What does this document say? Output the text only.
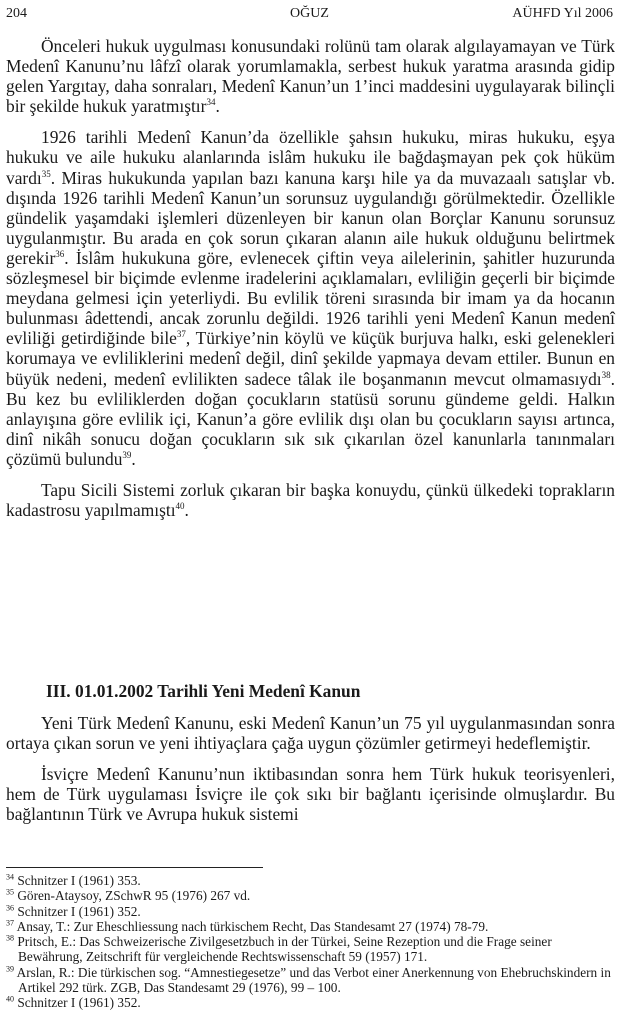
204	OĞUZ	AÜHFD Yıl 2006

Önceleri hukuk uygulması konusundaki rolünü tam olarak algılayamayan ve Türk Medenî Kanunu’nu lâfzî olarak yorumlamakla, serbest hukuk yaratma arasında gidip gelen Yargıtay, daha sonraları, Medenî Kanun’un 1’inci maddesini uygulayarak bilinçli bir şekilde hukuk yaratmıştır$^{34}$.

1926 tarihli Medenî Kanun’da özellikle şahsın hukuku, miras hukuku, eşya hukuku ve aile hukuku alanlarında islâm hukuku ile bağdaşmayan pek çok hüküm vardı$^{35}$. Miras hukukunda yapılan bazı kanuna karşı hile ya da muvazaalı satışlar vb. dışında 1926 tarihli Medenî Kanun’un sorunsuz uygulandığı görülmektedir. Özellikle gündelik yaşamdaki işlemleri düzenleyen bir kanun olan Borçlar Kanunu sorunsuz uygulanmıştır. Bu arada en çok sorun çıkaran alanın aile hukuk olduğunu belirtmek gerekir$^{36}$. İslâm hukukuna göre, evlenecek çiftin veya ailelerinin, şahitler huzurunda sözleşmesel bir biçimde evlenme iradelerini açıklamaları, evliliğin geçerli bir biçimde meydana gelmesi için yeterliydi. Bu evlilik töreni sırasında bir imam ya da hocanın bulunması âdettendi, ancak zorunlu değildi. 1926 tarihli yeni Medenî Kanun medenî evliliği getirdiğinde bile$^{37}$, Türkiye’nin köylü ve küçük burjuva halkı, eski gelenekleri korumaya ve evliliklerini medenî değil, dinî şekilde yapmaya devam ettiler. Bunun en büyük nedeni, medenî evlilikten sadece tâlak ile boşanmanın mevcut olmamasıydı$^{38}$. Bu kez bu evliliklerden doğan çocukların statüsü sorunu gündeme geldi. Halkın anlayışına göre evlilik içi, Kanun’a göre evlilik dışı olan bu çocukların sayısı artınca, dinî nikâh sonucu doğan çocukların sık sık çıkarılan özel kanunlarla tanınmaları çözümü bulundu$^{39}$.

Tapu Sicili Sistemi zorluk çıkaran bir başka konuydu, çünkü ülkedeki toprakların kadastrosu yapılmamıştı$^{40}$.

III. 01.01.2002 Tarihli Yeni Medenî Kanun

Yeni Türk Medenî Kanunu, eski Medenî Kanun’un 75 yıl uygulanmasından sonra ortaya çıkan sorun ve yeni ihtiyaçlara çağa uygun çözümler getirmeyi hedeflemiştir.

İsviçre Medenî Kanunu’nun iktibasından sonra hem Türk hukuk teorisyenleri, hem de Türk uygulaması İsviçre ile çok sıkı bir bağlantı içerisinde olmuşlardır. Bu bağlantının Türk ve Avrupa hukuk sistemi

$^{34}$ Schnitzer I (1961) 353.

$^{35}$ Gören-Ataysoy, ZSchwR 95 (1976) 267 vd.

$^{36}$ Schnitzer I (1961) 352.

$^{37}$ Ansay, T.: Zur Eheschliessung nach türkischem Recht, Das Standesamt 27 (1974) 78-79.

$^{38}$ Pritsch, E.: Das Schweizerische Zivilgesetzbuch in der Türkei, Seine Rezeption und die Frage seiner Bewährung, Zeitschrift für vergleichende Rechtswissenschaft 59 (1957) 171.

$^{39}$ Arslan, R.: Die türkischen sog. “Amnestiegesetze” und das Verbot einer Anerkennung von Ehebruchskindern in Artikel 292 türk. ZGB, Das Standesamt 29 (1976), 99 – 100.

$^{40}$ Schnitzer I (1961) 352.
